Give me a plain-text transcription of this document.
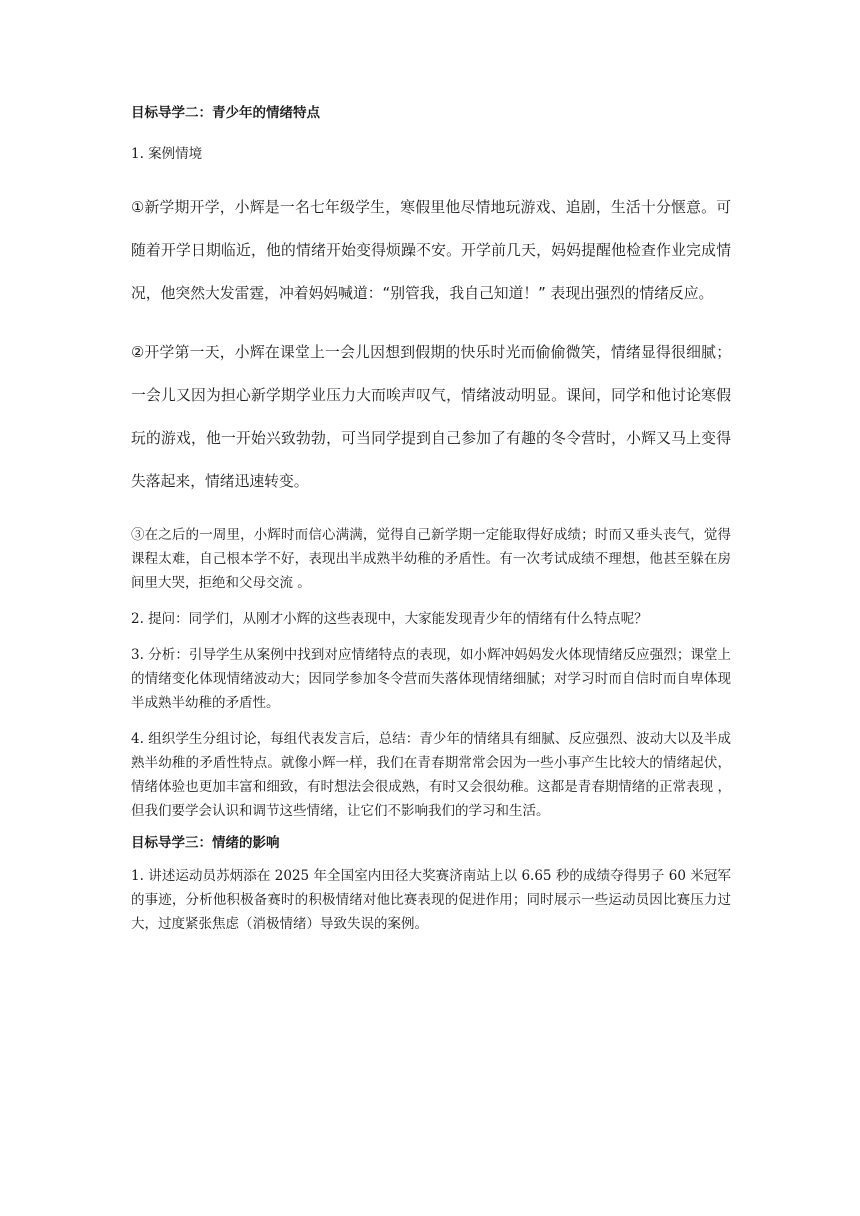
目标导学二：青少年的情绪特点

1. 案例情境

①新学期开学，小辉是一名七年级学生，寒假里他尽情地玩游戏、追剧，生活十分惬意。可随着开学日期临近，他的情绪开始变得烦躁不安。开学前几天，妈妈提醒他检查作业完成情况，他突然大发雷霆，冲着妈妈喊道：“别管我，我自己知道！” 表现出强烈的情绪反应。

②开学第一天，小辉在课堂上一会儿因想到假期的快乐时光而偷偷微笑，情绪显得很细腻；一会儿又因为担心新学期学业压力大而唉声叹气，情绪波动明显。课间，同学和他讨论寒假玩的游戏，他一开始兴致勃勃，可当同学提到自己参加了有趣的冬令营时，小辉又马上变得失落起来，情绪迅速转变。

③在之后的一周里，小辉时而信心满满，觉得自己新学期一定能取得好成绩；时而又垂头丧气，觉得课程太难，自己根本学不好，表现出半成熟半幼稚的矛盾性。有一次考试成绩不理想，他甚至躲在房间里大哭，拒绝和父母交流 。

2. 提问：同学们，从刚才小辉的这些表现中，大家能发现青少年的情绪有什么特点呢？

3. 分析：引导学生从案例中找到对应情绪特点的表现，如小辉冲妈妈发火体现情绪反应强烈；课堂上的情绪变化体现情绪波动大；因同学参加冬令营而失落体现情绪细腻；对学习时而自信时而自卑体现半成熟半幼稚的矛盾性。

4. 组织学生分组讨论，每组代表发言后，总结：青少年的情绪具有细腻、反应强烈、波动大以及半成熟半幼稚的矛盾性特点。就像小辉一样，我们在青春期常常会因为一些小事产生比较大的情绪起伏，情绪体验也更加丰富和细致，有时想法会很成熟，有时又会很幼稚。这都是青春期情绪的正常表现 ，但我们要学会认识和调节这些情绪，让它们不影响我们的学习和生活。

目标导学三：情绪的影响

1. 讲述运动员苏炳添在 2025 年全国室内田径大奖赛济南站上以 6.65 秒的成绩夺得男子 60 米冠军的事迹，分析他积极备赛时的积极情绪对他比赛表现的促进作用；同时展示一些运动员因比赛压力过大，过度紧张焦虑（消极情绪）导致失误的案例。
